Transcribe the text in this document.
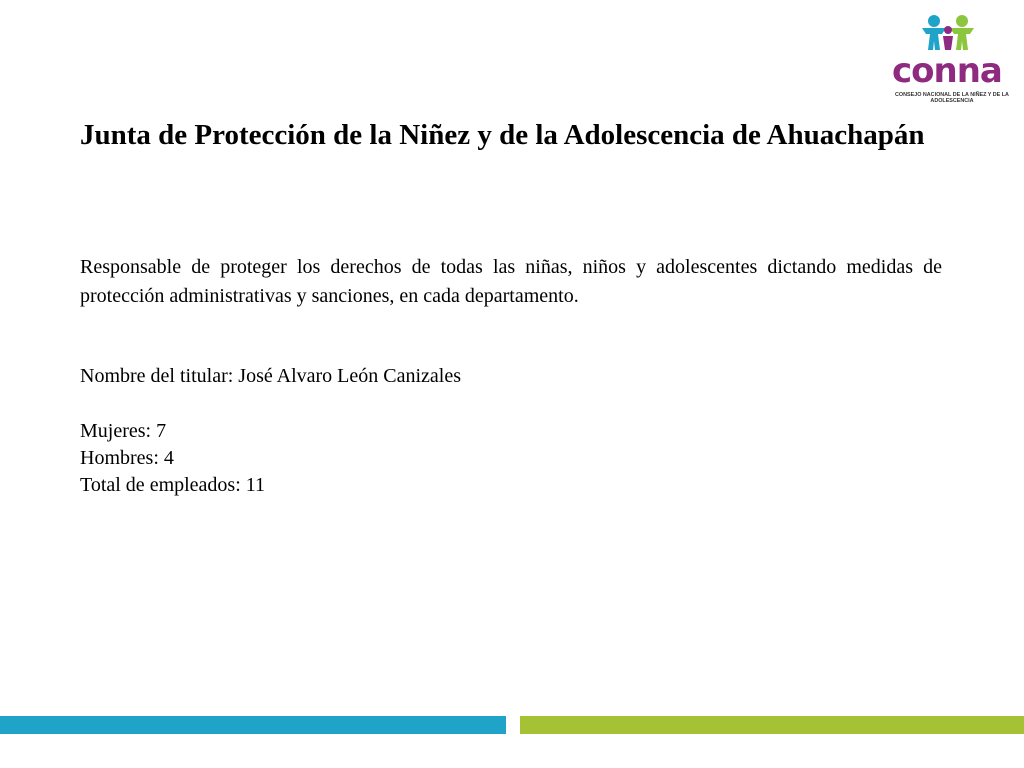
conna
CONSEJO NACIONAL DE LA NIÑEZ Y DE LA ADOLESCENCIA
Junta de Protección de la Niñez y de la Adolescencia de Ahuachapán

Responsable de proteger los derechos de todas las niñas, niños y adolescentes dictando medidas de protección administrativas y sanciones, en cada departamento.

Nombre del titular: José Alvaro León Canizales
Mujeres: 7
Hombres: 4
Total de empleados: 11
